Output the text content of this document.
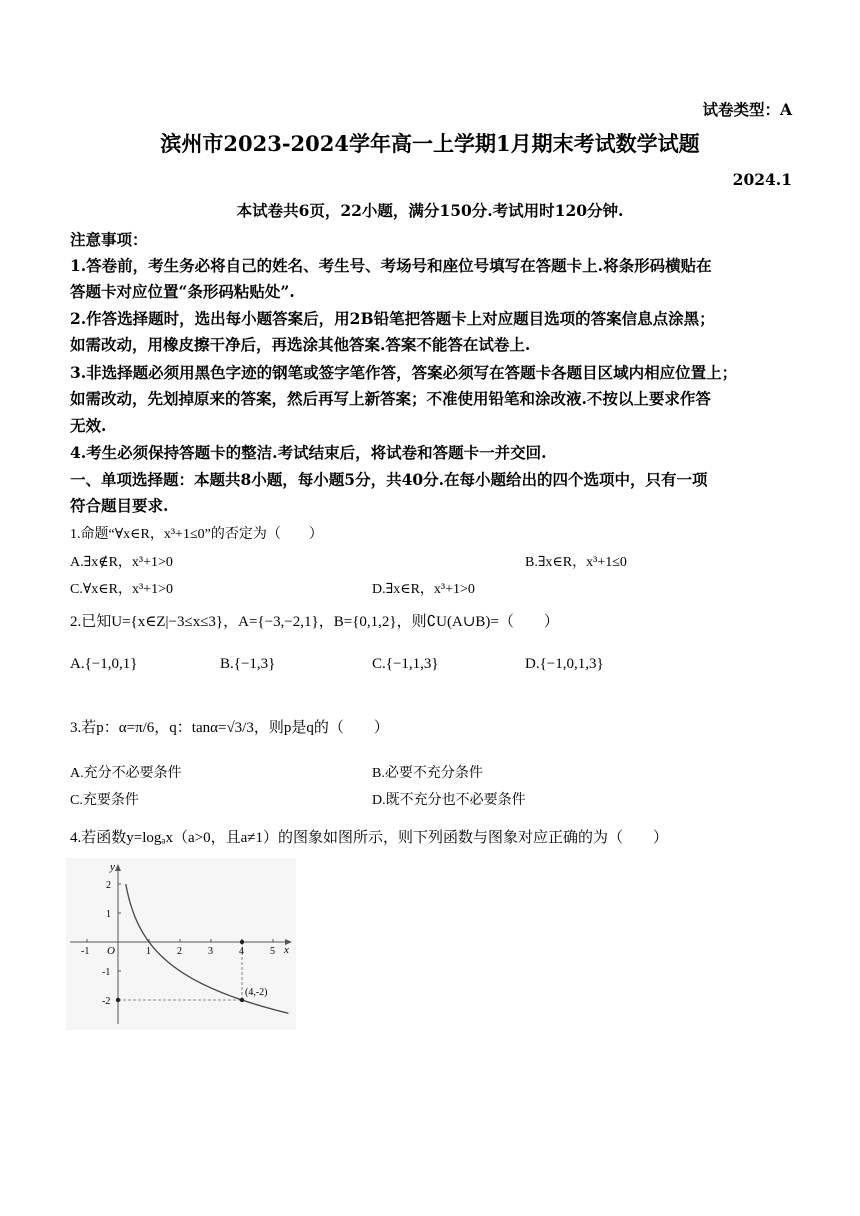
试卷类型：A
滨州市2023-2024学年高一上学期1月期末考试数学试题
2024.1
本试卷共6页，22小题，满分150分.考试用时120分钟.
注意事项：
1.答卷前，考生务必将自己的姓名、考生号、考场号和座位号填写在答题卡上.将条形码横贴在
答题卡对应位置“条形码粘贴处”.
2.作答选择题时，选出每小题答案后，用2B铅笔把答题卡上对应题目选项的答案信息点涂黑；
如需改动，用橡皮擦干净后，再选涂其他答案.答案不能答在试卷上.
3.非选择题必须用黑色字迹的钢笔或签字笔作答，答案必须写在答题卡各题目区域内相应位置上；
如需改动，先划掉原来的答案，然后再写上新答案；不准使用铅笔和涂改液.不按以上要求作答
无效.
4.考生必须保持答题卡的整洁.考试结束后，将试卷和答题卡一并交回.
一、单项选择题：本题共8小题，每小题5分，共40分.在每小题给出的四个选项中，只有一项
符合题目要求.
1.命题“∀x∈R，x³+1≤0”的否定为（　　）
A.∃x∉R，x³+1>0	B.∃x∈R，x³+1≤0
C.∀x∈R，x³+1>0	D.∃x∈R，x³+1>0
2.已知U={x∈Z|−3≤x≤3}，A={−3,−2,1}，B={0,1,2}，则∁U(A∪B)=（　　）
A.{−1,0,1}	B.{−1,3}	C.{−1,1,3}	D.{−1,0,1,3}
3.若p：α=π/6，q：tanα=√3/3，则p是q的（　　）
A.充分不必要条件	B.必要不充分条件
C.充要条件	D.既不充分也不必要条件
4.若函数y=logₐx（a>0，且a≠1）的图象如图所示，则下列函数与图象对应正确的为（　　）
y
x
O
-1	1	2	3	4	5
2
1
-1
-2
(4,-2)
